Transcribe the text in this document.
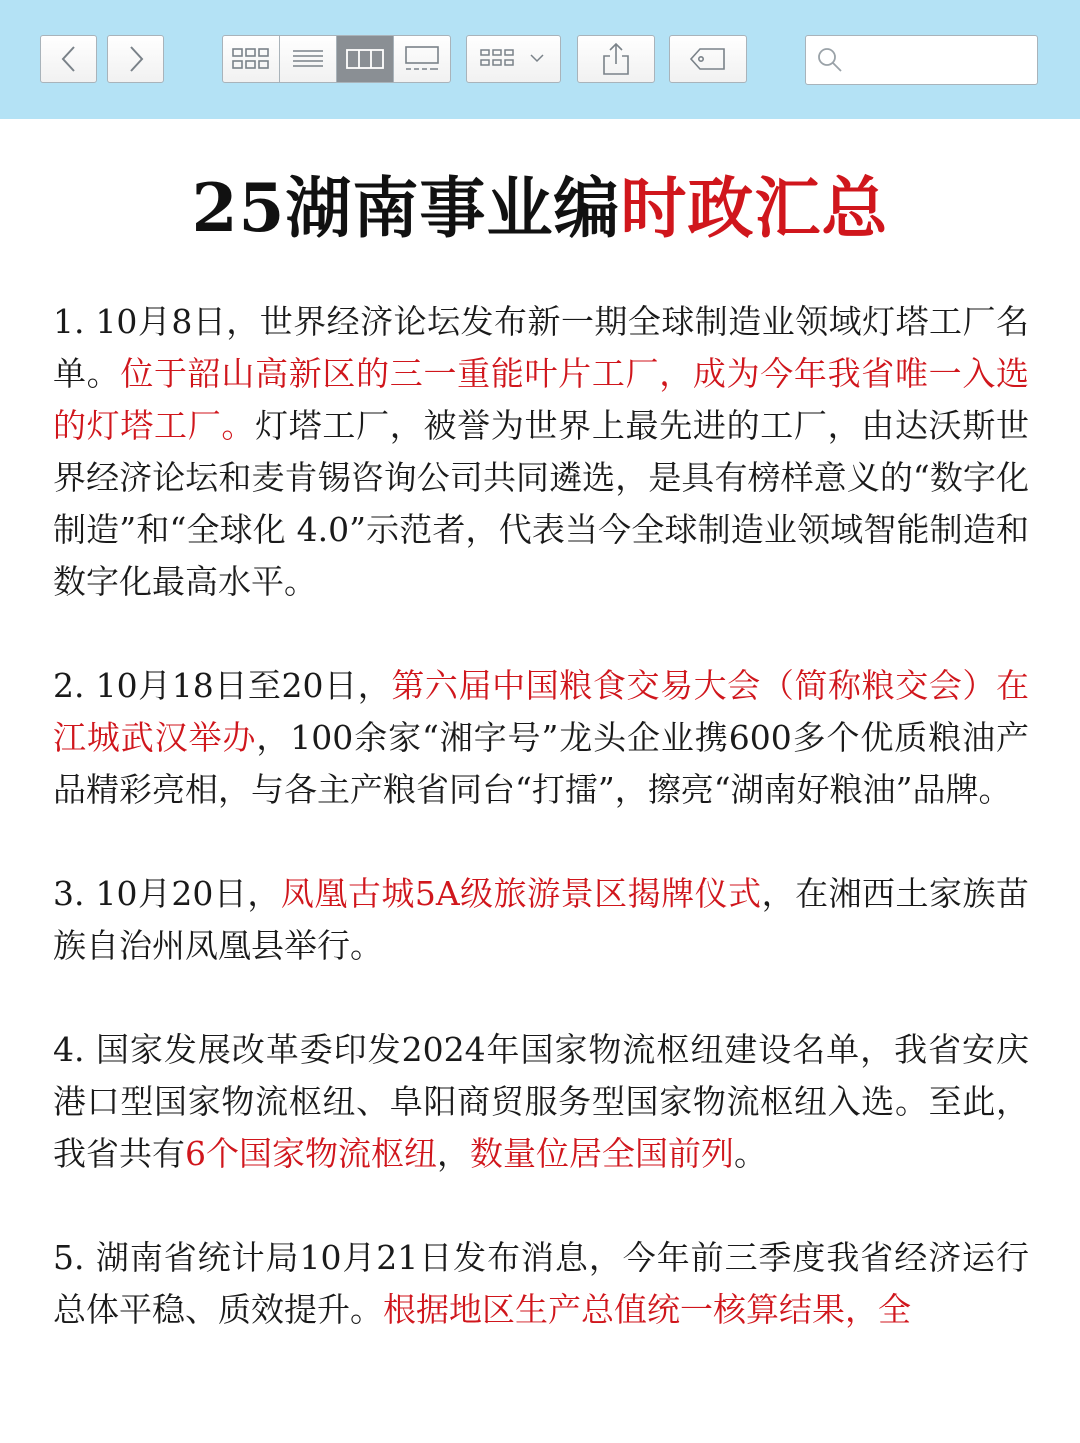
25湖南事业编时政汇总

1. 10月8日，世界经济论坛发布新一期全球制造业领域灯塔工厂名单。位于韶山高新区的三一重能叶片工厂，成为今年我省唯一入选的灯塔工厂。灯塔工厂，被誉为世界上最先进的工厂，由达沃斯世界经济论坛和麦肯锡咨询公司共同遴选，是具有榜样意义的“数字化制造”和“全球化 4.0”示范者，代表当今全球制造业领域智能制造和数字化最高水平。

2. 10月18日至20日，第六届中国粮食交易大会（简称粮交会）在江城武汉举办，100余家“湘字号”龙头企业携600多个优质粮油产品精彩亮相，与各主产粮省同台“打擂”，擦亮“湖南好粮油”品牌。

3. 10月20日，凤凰古城5A级旅游景区揭牌仪式，在湘西土家族苗族自治州凤凰县举行。

4. 国家发展改革委印发2024年国家物流枢纽建设名单，我省安庆港口型国家物流枢纽、阜阳商贸服务型国家物流枢纽入选。至此，我省共有6个国家物流枢纽，数量位居全国前列。

5. 湖南省统计局10月21日发布消息，今年前三季度我省经济运行总体平稳、质效提升。根据地区生产总值统一核算结果，全
